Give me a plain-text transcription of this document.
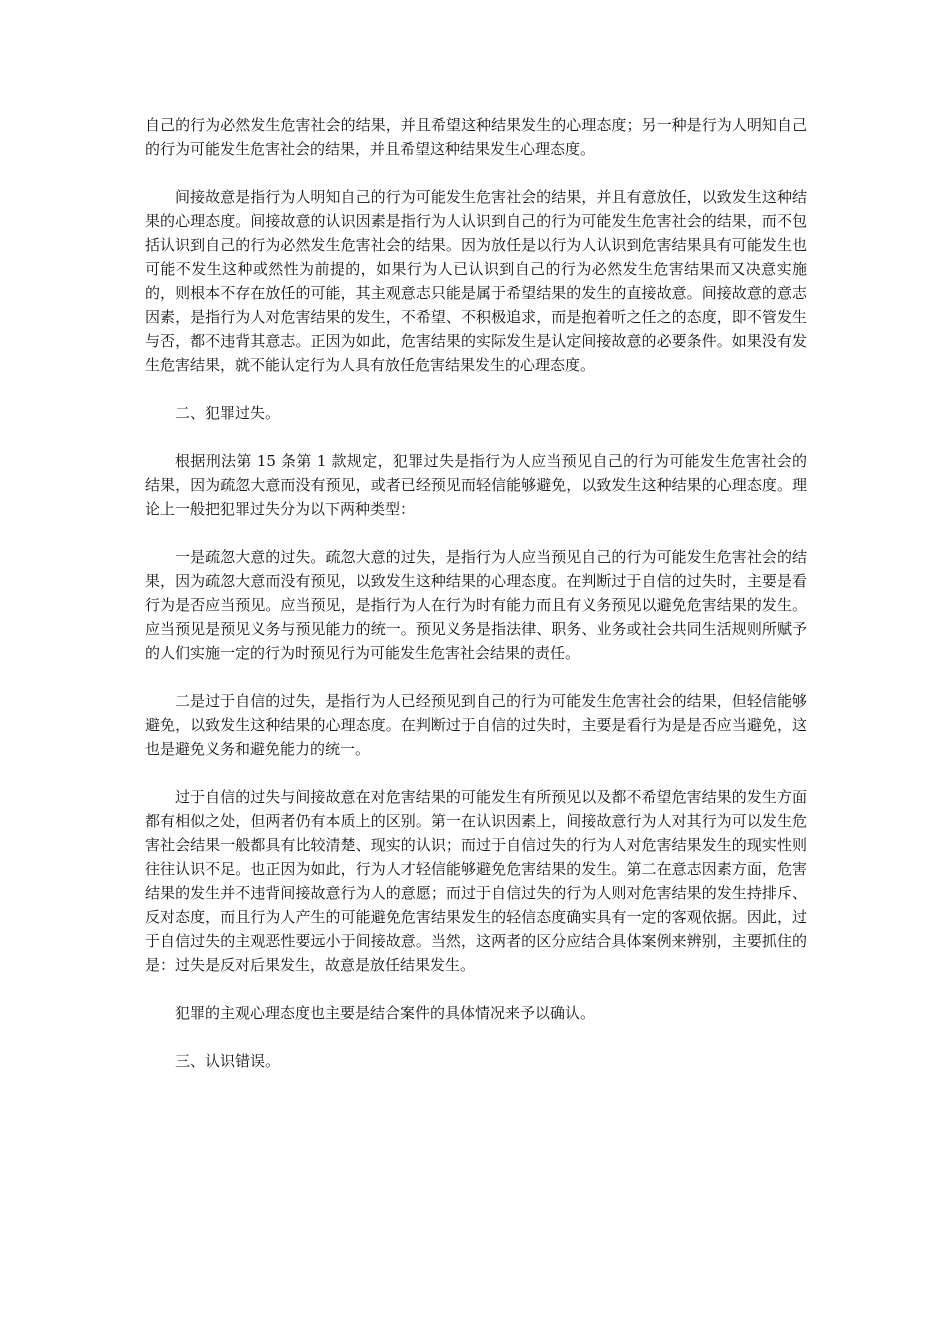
自己的行为必然发生危害社会的结果，并且希望这种结果发生的心理态度；另一种是行为人明知自己的行为可能发生危害社会的结果，并且希望这种结果发生心理态度。

间接故意是指行为人明知自己的行为可能发生危害社会的结果，并且有意放任，以致发生这种结果的心理态度。间接故意的认识因素是指行为人认识到自己的行为可能发生危害社会的结果，而不包括认识到自己的行为必然发生危害社会的结果。因为放任是以行为人认识到危害结果具有可能发生也可能不发生这种或然性为前提的，如果行为人已认识到自己的行为必然发生危害结果而又决意实施的，则根本不存在放任的可能，其主观意志只能是属于希望结果的发生的直接故意。间接故意的意志因素，是指行为人对危害结果的发生，不希望、不积极追求，而是抱着听之任之的态度，即不管发生与否，都不违背其意志。正因为如此，危害结果的实际发生是认定间接故意的必要条件。如果没有发生危害结果，就不能认定行为人具有放任危害结果发生的心理态度。

二、犯罪过失。

根据刑法第 15 条第 1 款规定，犯罪过失是指行为人应当预见自己的行为可能发生危害社会的结果，因为疏忽大意而没有预见，或者已经预见而轻信能够避免，以致发生这种结果的心理态度。理论上一般把犯罪过失分为以下两种类型：

一是疏忽大意的过失。疏忽大意的过失，是指行为人应当预见自己的行为可能发生危害社会的结果，因为疏忽大意而没有预见，以致发生这种结果的心理态度。在判断过于自信的过失时，主要是看行为是否应当预见。应当预见，是指行为人在行为时有能力而且有义务预见以避免危害结果的发生。应当预见是预见义务与预见能力的统一。预见义务是指法律、职务、业务或社会共同生活规则所赋予的人们实施一定的行为时预见行为可能发生危害社会结果的责任。

二是过于自信的过失，是指行为人已经预见到自己的行为可能发生危害社会的结果，但轻信能够避免，以致发生这种结果的心理态度。在判断过于自信的过失时，主要是看行为是是否应当避免，这也是避免义务和避免能力的统一。

过于自信的过失与间接故意在对危害结果的可能发生有所预见以及都不希望危害结果的发生方面都有相似之处，但两者仍有本质上的区别。第一在认识因素上，间接故意行为人对其行为可以发生危害社会结果一般都具有比较清楚、现实的认识；而过于自信过失的行为人对危害结果发生的现实性则往往认识不足。也正因为如此，行为人才轻信能够避免危害结果的发生。第二在意志因素方面，危害结果的发生并不违背间接故意行为人的意愿；而过于自信过失的行为人则对危害结果的发生持排斥、反对态度，而且行为人产生的可能避免危害结果发生的轻信态度确实具有一定的客观依据。因此，过于自信过失的主观恶性要远小于间接故意。当然，这两者的区分应结合具体案例来辨别，主要抓住的是：过失是反对后果发生，故意是放任结果发生。

犯罪的主观心理态度也主要是结合案件的具体情况来予以确认。

三、认识错误。
